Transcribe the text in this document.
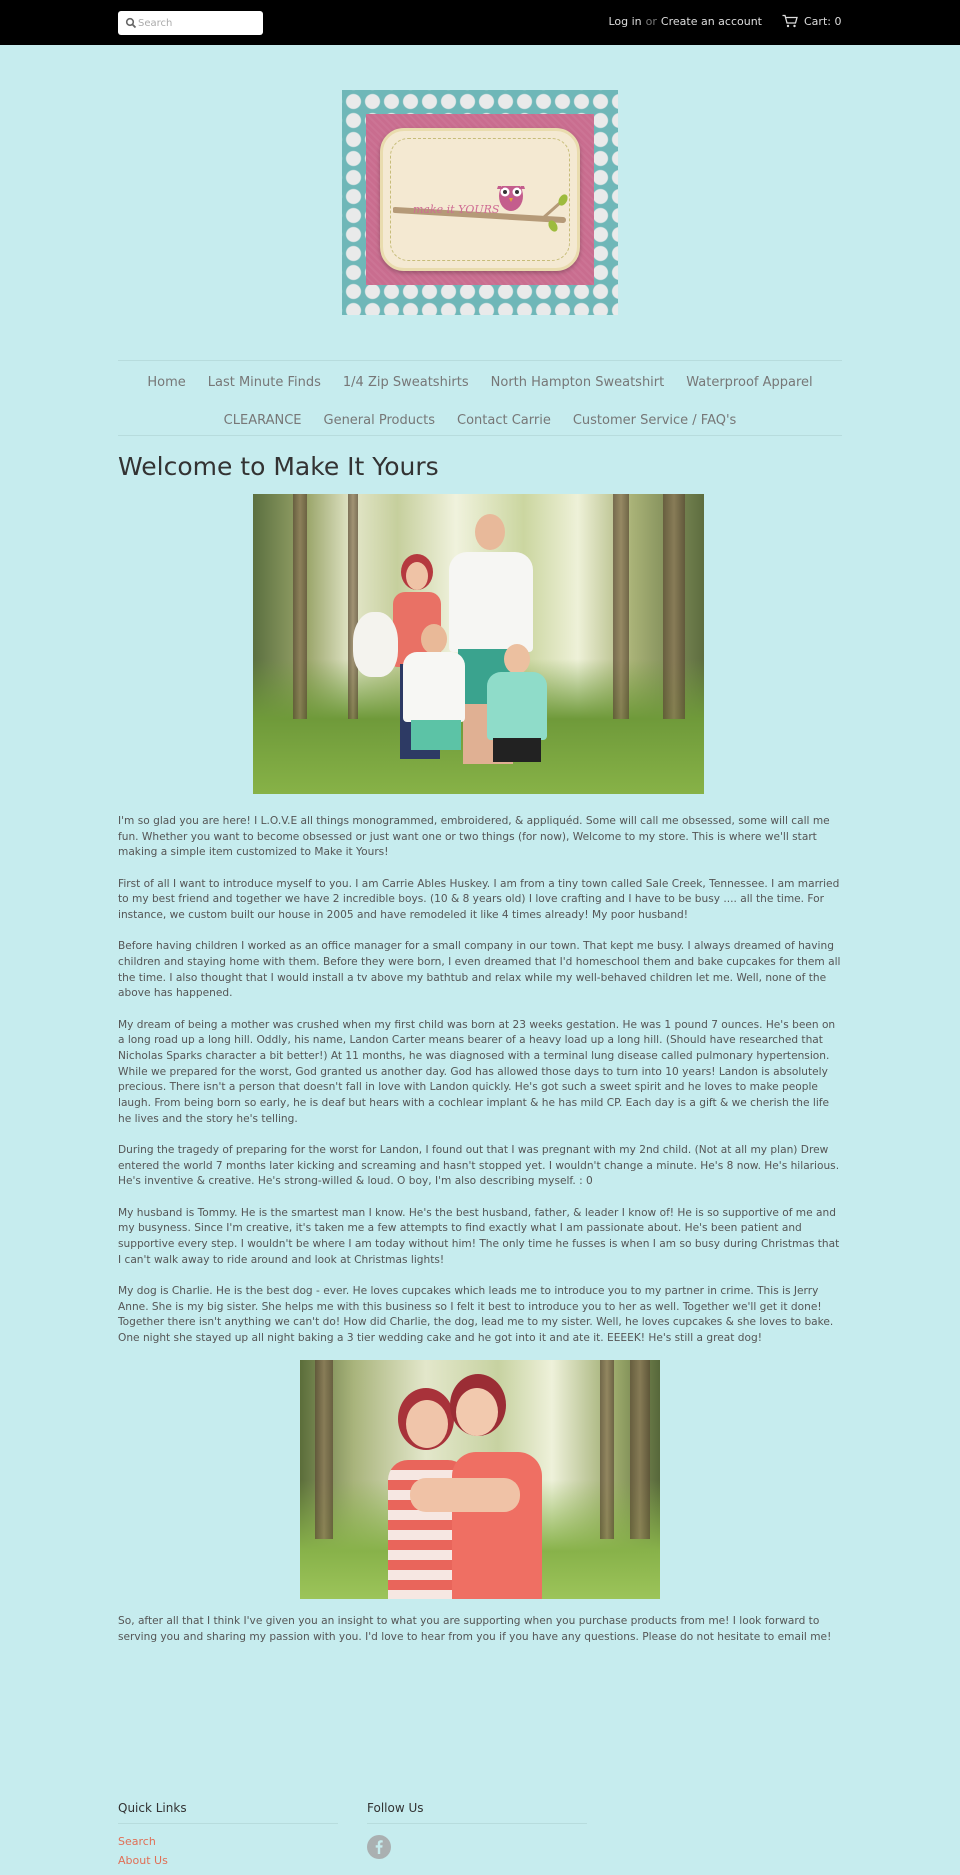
Search
Log in or Create an account	Cart: 0
make it YOURS
Home Last Minute Finds 1/4 Zip Sweatshirts North Hampton Sweatshirt Waterproof Apparel
CLEARANCE General Products Contact Carrie Customer Service / FAQ's
Welcome to Make It Yours

I'm so glad you are here! I L.O.V.E all things monogrammed, embroidered, & appliquéd. Some will call me obsessed, some will call me fun. Whether you want to become obsessed or just want one or two things (for now), Welcome to my store. This is where we'll start making a simple item customized to Make it Yours!

First of all I want to introduce myself to you. I am Carrie Ables Huskey. I am from a tiny town called Sale Creek, Tennessee. I am married to my best friend and together we have 2 incredible boys. (10 & 8 years old) I love crafting and I have to be busy .... all the time. For instance, we custom built our house in 2005 and have remodeled it like 4 times already! My poor husband!

Before having children I worked as an office manager for a small company in our town. That kept me busy. I always dreamed of having children and staying home with them. Before they were born, I even dreamed that I'd homeschool them and bake cupcakes for them all the time. I also thought that I would install a tv above my bathtub and relax while my well-behaved children let me. Well, none of the above has happened.

My dream of being a mother was crushed when my first child was born at 23 weeks gestation. He was 1 pound 7 ounces. He's been on a long road up a long hill. Oddly, his name, Landon Carter means bearer of a heavy load up a long hill. (Should have researched that Nicholas Sparks character a bit better!) At 11 months, he was diagnosed with a terminal lung disease called pulmonary hypertension. While we prepared for the worst, God granted us another day. God has allowed those days to turn into 10 years! Landon is absolutely precious. There isn't a person that doesn't fall in love with Landon quickly. He's got such a sweet spirit and he loves to make people laugh. From being born so early, he is deaf but hears with a cochlear implant & he has mild CP. Each day is a gift & we cherish the life he lives and the story he's telling.

During the tragedy of preparing for the worst for Landon, I found out that I was pregnant with my 2nd child. (Not at all my plan) Drew entered the world 7 months later kicking and screaming and hasn't stopped yet. I wouldn't change a minute. He's 8 now. He's hilarious. He's inventive & creative. He's strong-willed & loud. O boy, I'm also describing myself. : 0

My husband is Tommy. He is the smartest man I know. He's the best husband, father, & leader I know of! He is so supportive of me and my busyness. Since I'm creative, it's taken me a few attempts to find exactly what I am passionate about. He's been patient and supportive every step. I wouldn't be where I am today without him! The only time he fusses is when I am so busy during Christmas that I can't walk away to ride around and look at Christmas lights!

My dog is Charlie. He is the best dog - ever. He loves cupcakes which leads me to introduce you to my partner in crime. This is Jerry Anne. She is my big sister. She helps me with this business so I felt it best to introduce you to her as well. Together we'll get it done! Together there isn't anything we can't do! How did Charlie, the dog, lead me to my sister. Well, he loves cupcakes & she loves to bake. One night she stayed up all night baking a 3 tier wedding cake and he got into it and ate it. EEEEK! He's still a great dog!

So, after all that I think I've given you an insight to what you are supporting when you purchase products from me! I look forward to serving you and sharing my passion with you. I'd love to hear from you if you have any questions. Please do not hesitate to email me!

Quick Links
Search
About Us
Follow Us
